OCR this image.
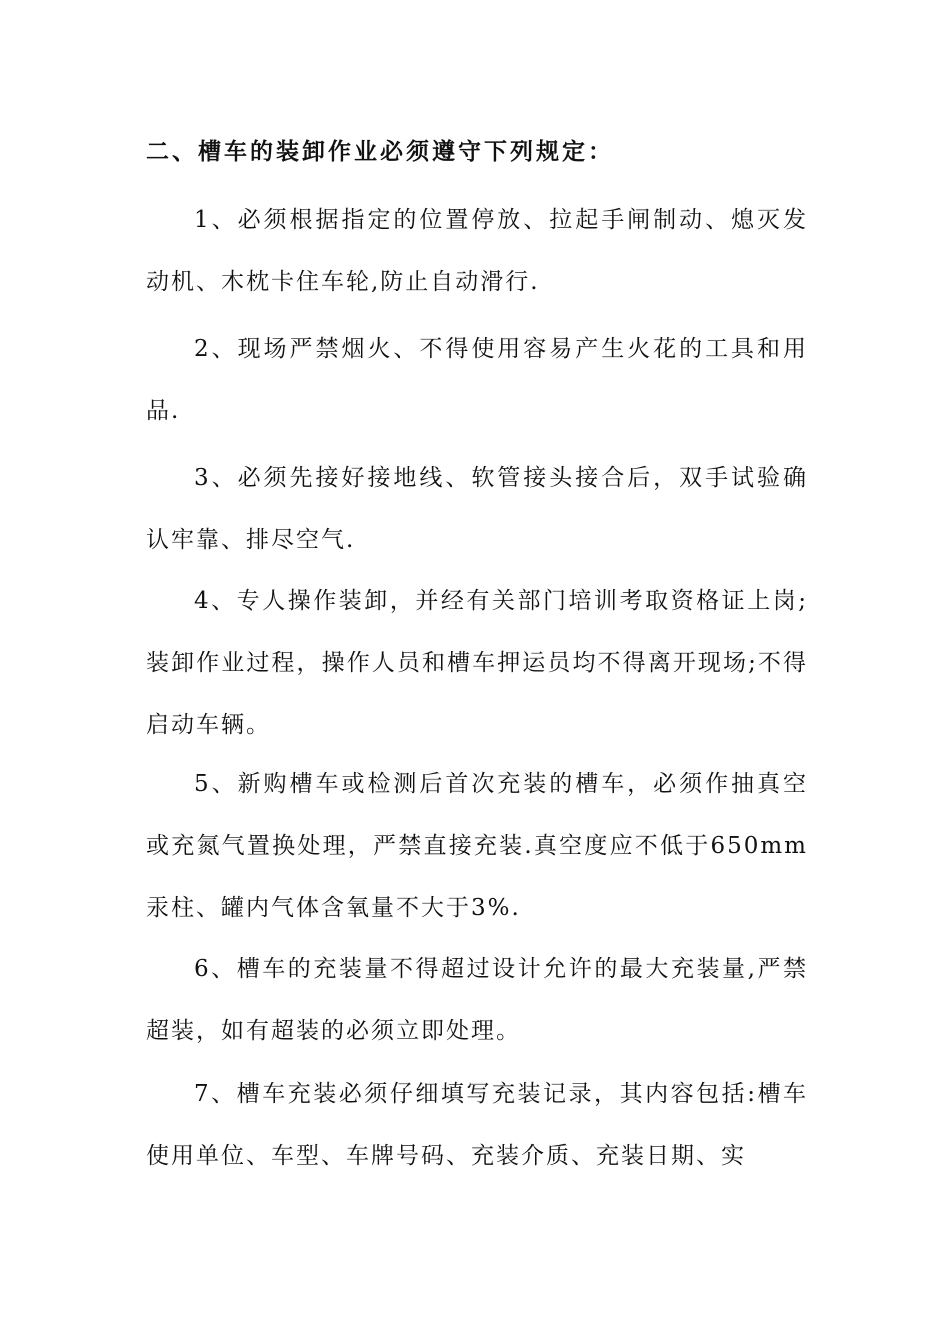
二、槽车的装卸作业必须遵守下列规定：
1、必须根据指定的位置停放、拉起手闸制动、熄灭发动机、木枕卡住车轮,防止自动滑行.
2、现场严禁烟火、不得使用容易产生火花的工具和用品.
3、必须先接好接地线、软管接头接合后，双手试验确认牢靠、排尽空气.
4、专人操作装卸，并经有关部门培训考取资格证上岗;装卸作业过程，操作人员和槽车押运员均不得离开现场;不得启动车辆。
5、新购槽车或检测后首次充装的槽车，必须作抽真空或充氮气置换处理，严禁直接充装.真空度应不低于650mm汞柱、罐内气体含氧量不大于3%.
6、槽车的充装量不得超过设计允许的最大充装量,严禁超装，如有超装的必须立即处理。
7、槽车充装必须仔细填写充装记录，其内容包括:槽车使用单位、车型、车牌号码、充装介质、充装日期、实
